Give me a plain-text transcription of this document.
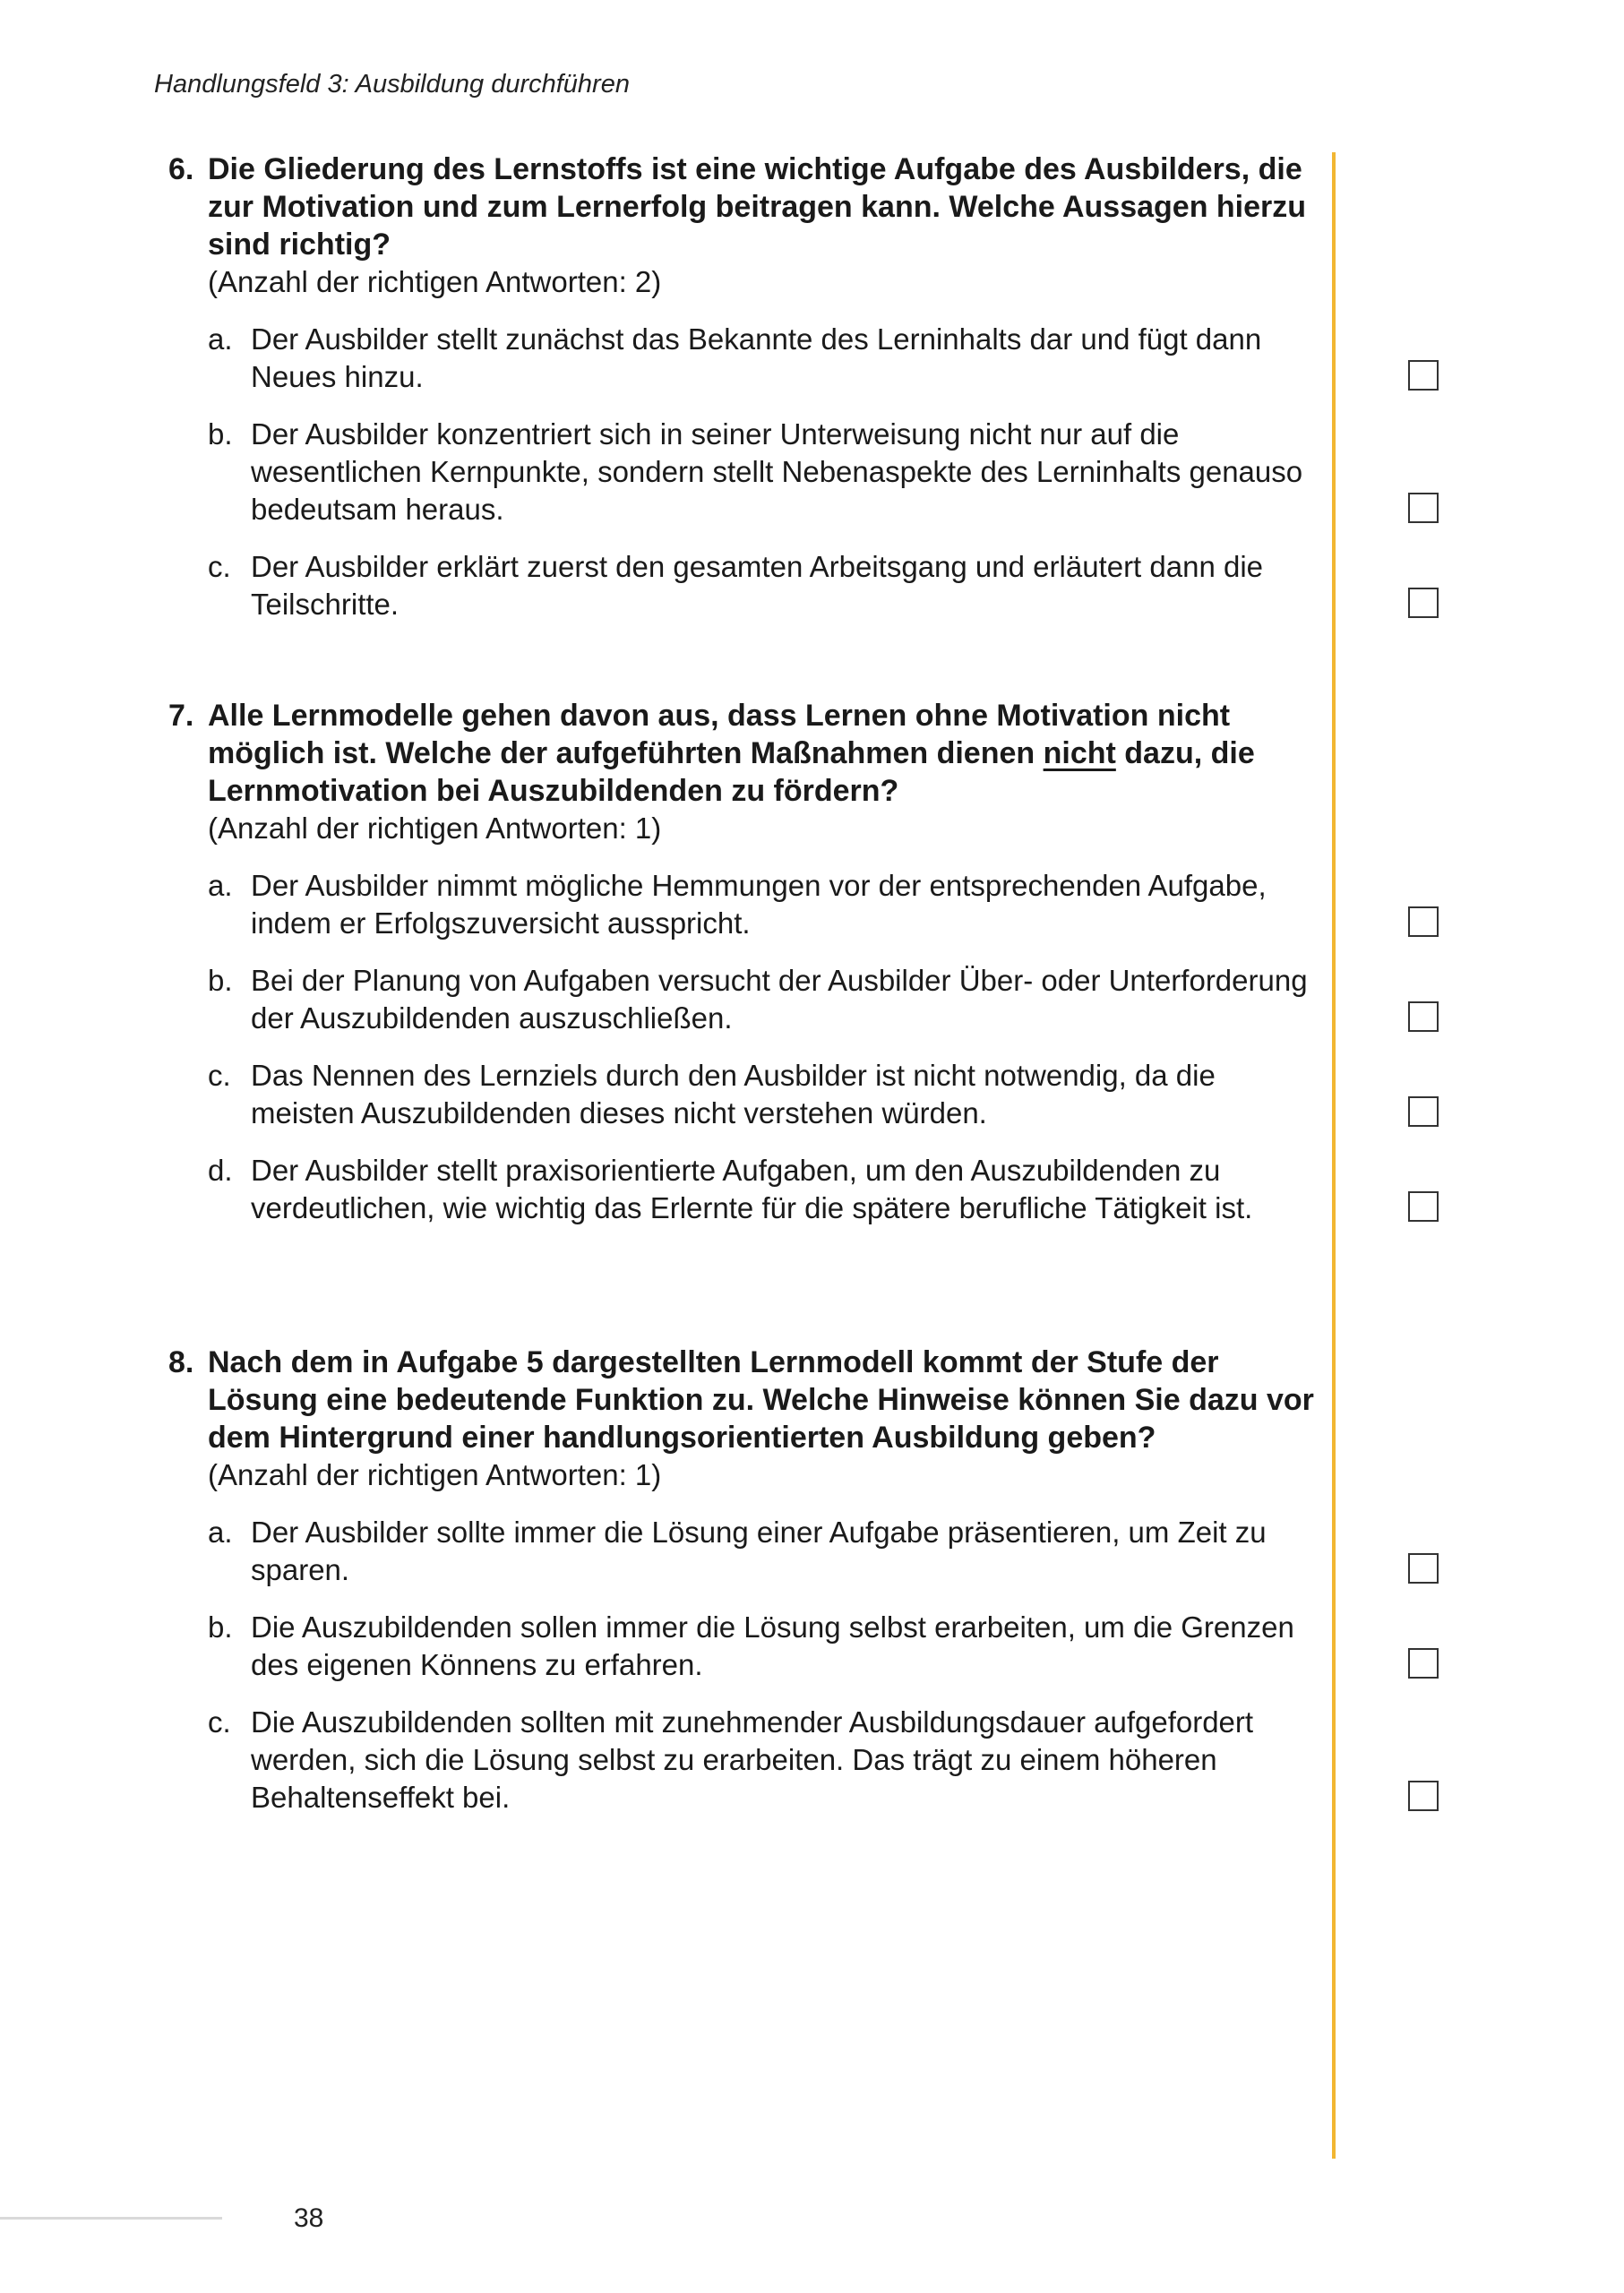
Handlungsfeld 3: Ausbildung durchführen
6. Die Gliederung des Lernstoffs ist eine wichtige Aufgabe des Ausbilders, die zur Motivation und zum Lernerfolg beitragen kann. Welche Aussagen hierzu sind richtig?
(Anzahl der richtigen Antworten: 2)
a. Der Ausbilder stellt zunächst das Bekannte des Lerninhalts dar und fügt dann Neues hinzu.
b. Der Ausbilder konzentriert sich in seiner Unterweisung nicht nur auf die wesentlichen Kernpunkte, sondern stellt Nebenaspekte des Lerninhalts genauso bedeutsam heraus.
c. Der Ausbilder erklärt zuerst den gesamten Arbeitsgang und erläutert dann die Teilschritte.
7. Alle Lernmodelle gehen davon aus, dass Lernen ohne Motivation nicht möglich ist. Welche der aufgeführten Maßnahmen dienen nicht dazu, die Lernmotivation bei Auszubildenden zu fördern?
(Anzahl der richtigen Antworten: 1)
a. Der Ausbilder nimmt mögliche Hemmungen vor der entsprechenden Aufgabe, indem er Erfolgszuversicht ausspricht.
b. Bei der Planung von Aufgaben versucht der Ausbilder Über- oder Unterforderung der Auszubildenden auszuschließen.
c. Das Nennen des Lernziels durch den Ausbilder ist nicht notwendig, da die meisten Auszubildenden dieses nicht verstehen würden.
d. Der Ausbilder stellt praxisorientierte Aufgaben, um den Auszubildenden zu verdeutlichen, wie wichtig das Erlernte für die spätere berufliche Tätigkeit ist.
8. Nach dem in Aufgabe 5 dargestellten Lernmodell kommt der Stufe der Lösung eine bedeutende Funktion zu. Welche Hinweise können Sie dazu vor dem Hintergrund einer handlungsorientierten Ausbildung geben?
(Anzahl der richtigen Antworten: 1)
a. Der Ausbilder sollte immer die Lösung einer Aufgabe präsentieren, um Zeit zu sparen.
b. Die Auszubildenden sollen immer die Lösung selbst erarbeiten, um die Grenzen des eigenen Könnens zu erfahren.
c. Die Auszubildenden sollten mit zunehmender Ausbildungsdauer aufgefordert werden, sich die Lösung selbst zu erarbeiten. Das trägt zu einem höheren Behaltenseffekt bei.
38
